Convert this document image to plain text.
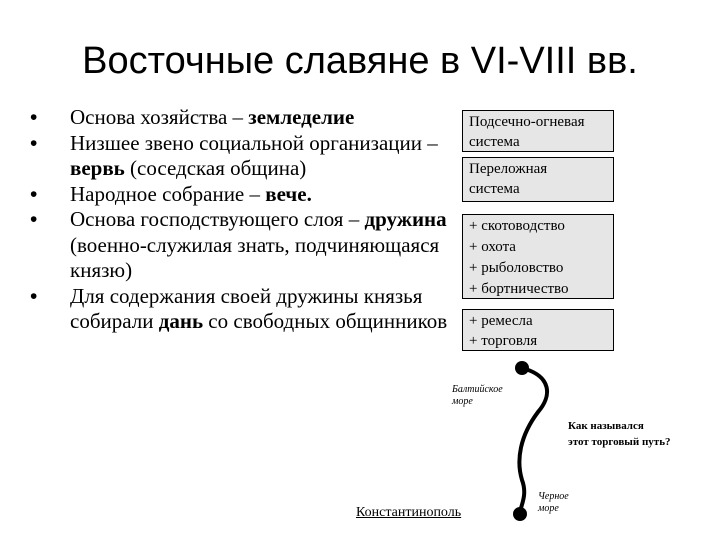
Восточные славяне в VI-VIII вв.
• Основа хозяйства – земледелие
• Низшее звено социальной организации – вервь (соседская община)
• Народное собрание – вече.
• Основа господствующего слоя – дружина (военно-служилая знать, подчиняющаяся князю)
• Для содержания своей дружины князья собирали дань со свободных общинников
Подсечно-огневая
система
Переложная
система
+ скотоводство
+ охота
+ рыболовство
+ бортничество
+ ремесла
+ торговля
Балтийское
море
Как назывался
этот торговый путь?
Черное
море
Константинополь
